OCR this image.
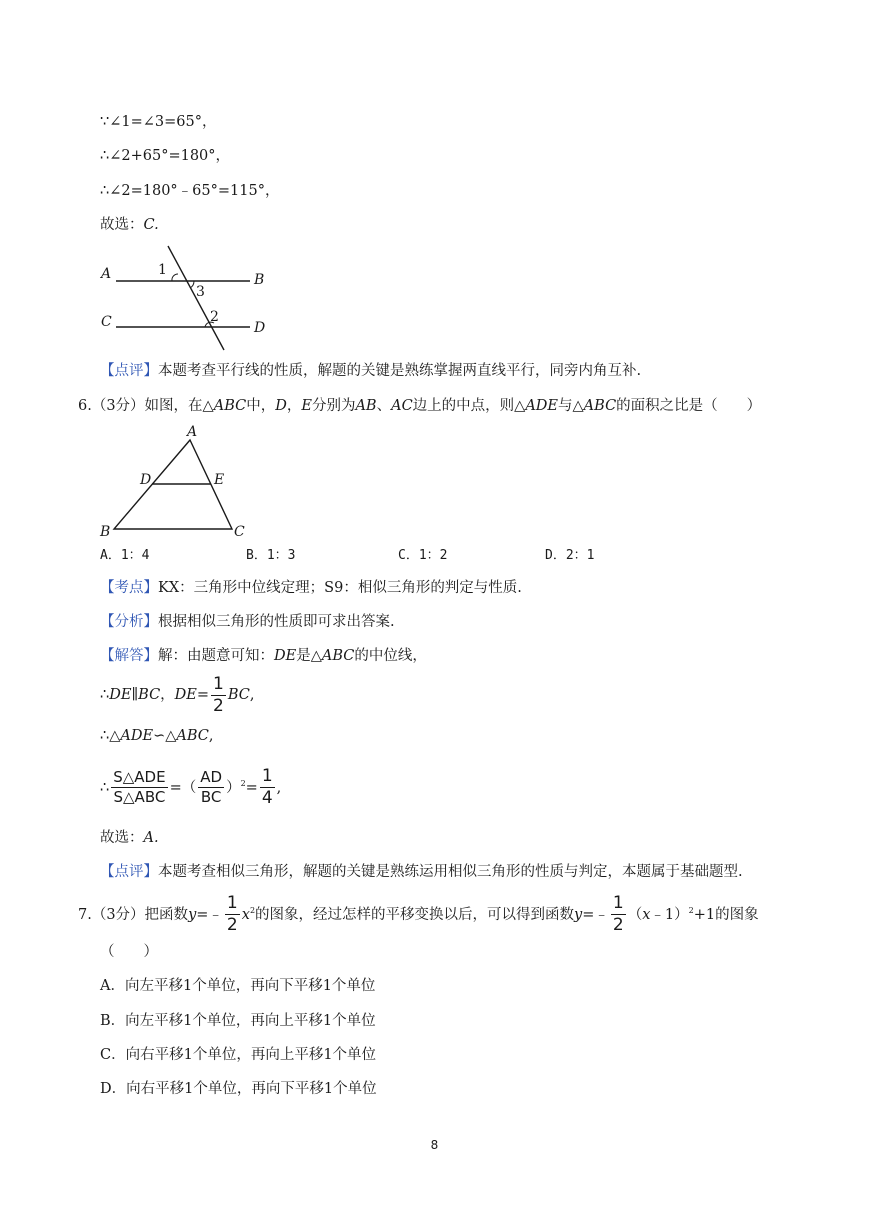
∵∠1=∠3=65°，
∴∠2+65°=180°，
∴∠2=180°﹣65°=115°，
故选：C.
A	B
C	D
1
2
3
【点评】本题考查平行线的性质，解题的关键是熟练掌握两直线平行，同旁内角互补.
6.（3分）如图，在△ABC中，D，E分别为AB、AC边上的中点，则△ADE与△ABC的面积之比是（　　）
A
B	C
D	E
A．1：4	B．1：3	C．1：2	D．2：1
【考点】KX：三角形中位线定理；S9：相似三角形的判定与性质.
【分析】根据相似三角形的性质即可求出答案.
【解答】解：由题意可知：DE是△ABC的中位线，
∴DE∥BC，$DE= \frac{1}{2}$ BC,
∴△ADE∽△ABC,
∴ $\frac{\text{S△ADE}}{\text{S△ABC}}$ =（ $\frac{AD}{BC} )^2= \frac{1}{4}$ ,
故选：A.
【点评】本题考查相似三角形，解题的关键是熟练运用相似三角形的性质与判定，本题属于基础题型.
7.（3分）把函数y=﹣ $\frac{1}{2} x^2$的图象，经过怎样的平移变换以后，可以得到函数y=﹣ $\frac{1}{2}$ （x﹣1）$^2$+1的图象
（　　）
A．向左平移1个单位，再向下平移1个单位
B．向左平移1个单位，再向上平移1个单位
C．向右平移1个单位，再向上平移1个单位
D．向右平移1个单位，再向下平移1个单位
8
